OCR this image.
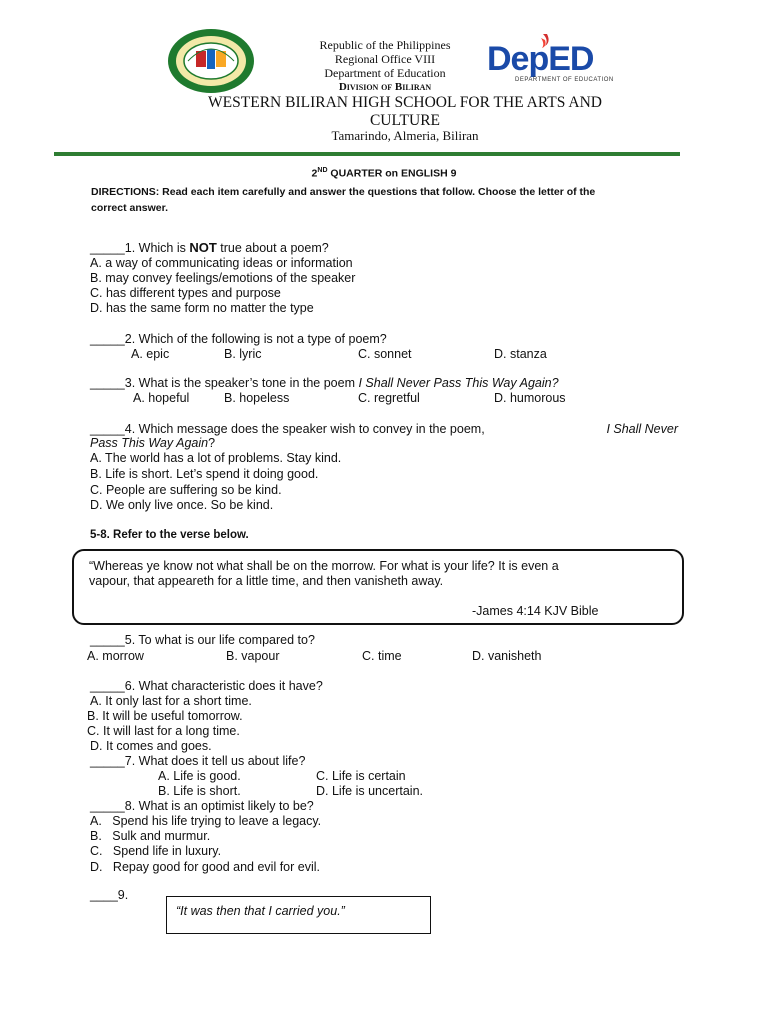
Republic of the Philippines
Regional Office VIII
Department of Education
Division of Biliran
DepED
DEPARTMENT OF EDUCATION
WESTERN BILIRAN HIGH SCHOOL FOR THE ARTS AND
CULTURE
Tamarindo, Almeria, Biliran
2ND QUARTER on ENGLISH 9
DIRECTIONS: Read each item carefully and answer the questions that follow. Choose the letter of the
correct answer.
_____1. Which is NOT true about a poem?
A. a way of communicating ideas or information
B. may convey feelings/emotions of the speaker
C. has different types and purpose
D. has the same form no matter the type
_____2. Which of the following is not a type of poem?
A. epic	B. lyric	C. sonnet	D. stanza
_____3. What is the speaker’s tone in the poem I Shall Never Pass This Way Again?
A. hopeful	B. hopeless	C. regretful	D. humorous
_____4. Which message does the speaker wish to convey in the poem,	I Shall Never
Pass This Way Again?
A. The world has a lot of problems. Stay kind.
B. Life is short. Let’s spend it doing good.
C. People are suffering so be kind.
D. We only live once. So be kind.
5-8. Refer to the verse below.
“Whereas ye know not what shall be on the morrow. For what is your life? It is even a
vapour, that appeareth for a little time, and then vanisheth away.
-James 4:14 KJV Bible
_____5. To what is our life compared to?
A. morrow	B. vapour	C. time	D. vanisheth
_____6. What characteristic does it have?
A. It only last for a short time.
B. It will be useful tomorrow.
C. It will last for a long time.
D. It comes and goes.
_____7. What does it tell us about life?
A. Life is good.	C. Life is certain
B. Life is short.	D. Life is uncertain.
_____8. What is an optimist likely to be?
A.   Spend his life trying to leave a legacy.
B.   Sulk and murmur.
C.   Spend life in luxury.
D.   Repay good for good and evil for evil.
____9.
“It was then that I carried you.”
